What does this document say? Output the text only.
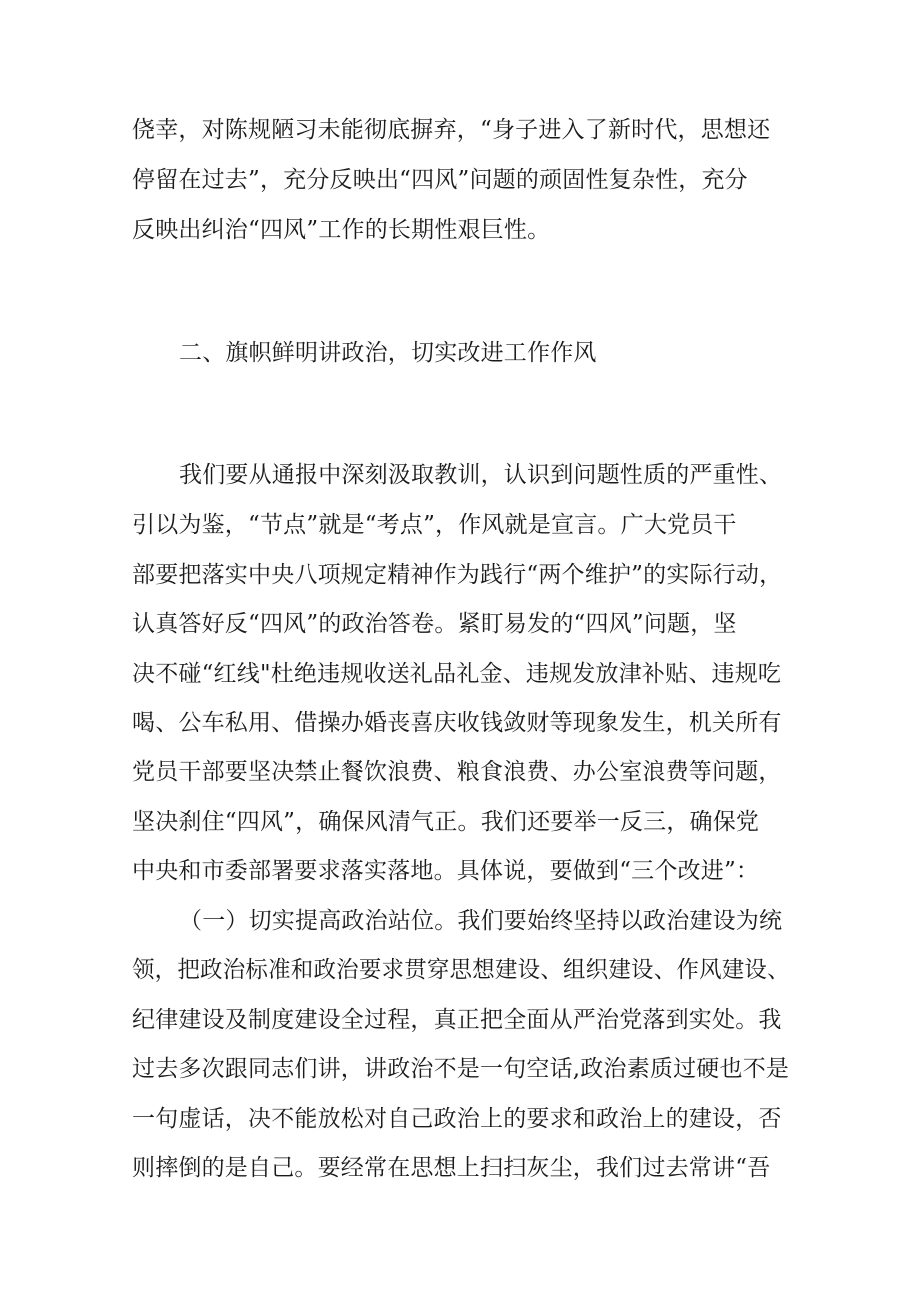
侥幸，对陈规陋习未能彻底摒弃，“身子进入了新时代，思想还
停留在过去”，充分反映出“四风”问题的顽固性复杂性，充分
反映出纠治“四风”工作的长期性艰巨性。
二、旗帜鲜明讲政治，切实改进工作作风
我们要从通报中深刻汲取教训，认识到问题性质的严重性、
引以为鉴，“节点”就是“考点”，作风就是宣言。广大党员干
部要把落实中央八项规定精神作为践行“两个维护”的实际行动，
认真答好反“四风”的政治答卷。紧盯易发的“四风”问题，坚
决不碰“红线"杜绝违规收送礼品礼金、违规发放津补贴、违规吃
喝、公车私用、借操办婚丧喜庆收钱敛财等现象发生，机关所有
党员干部要坚决禁止餐饮浪费、粮食浪费、办公室浪费等问题，
坚决刹住“四风”，确保风清气正。我们还要举一反三，确保党
中央和市委部署要求落实落地。具体说，要做到“三个改进”：
（一）切实提高政治站位。我们要始终坚持以政治建设为统
领，把政治标准和政治要求贯穿思想建设、组织建设、作风建设、
纪律建设及制度建设全过程，真正把全面从严治党落到实处。我
过去多次跟同志们讲，讲政治不是一句空话,政治素质过硬也不是
一句虚话，决不能放松对自己政治上的要求和政治上的建设，否
则摔倒的是自己。要经常在思想上扫扫灰尘，我们过去常讲“吾
